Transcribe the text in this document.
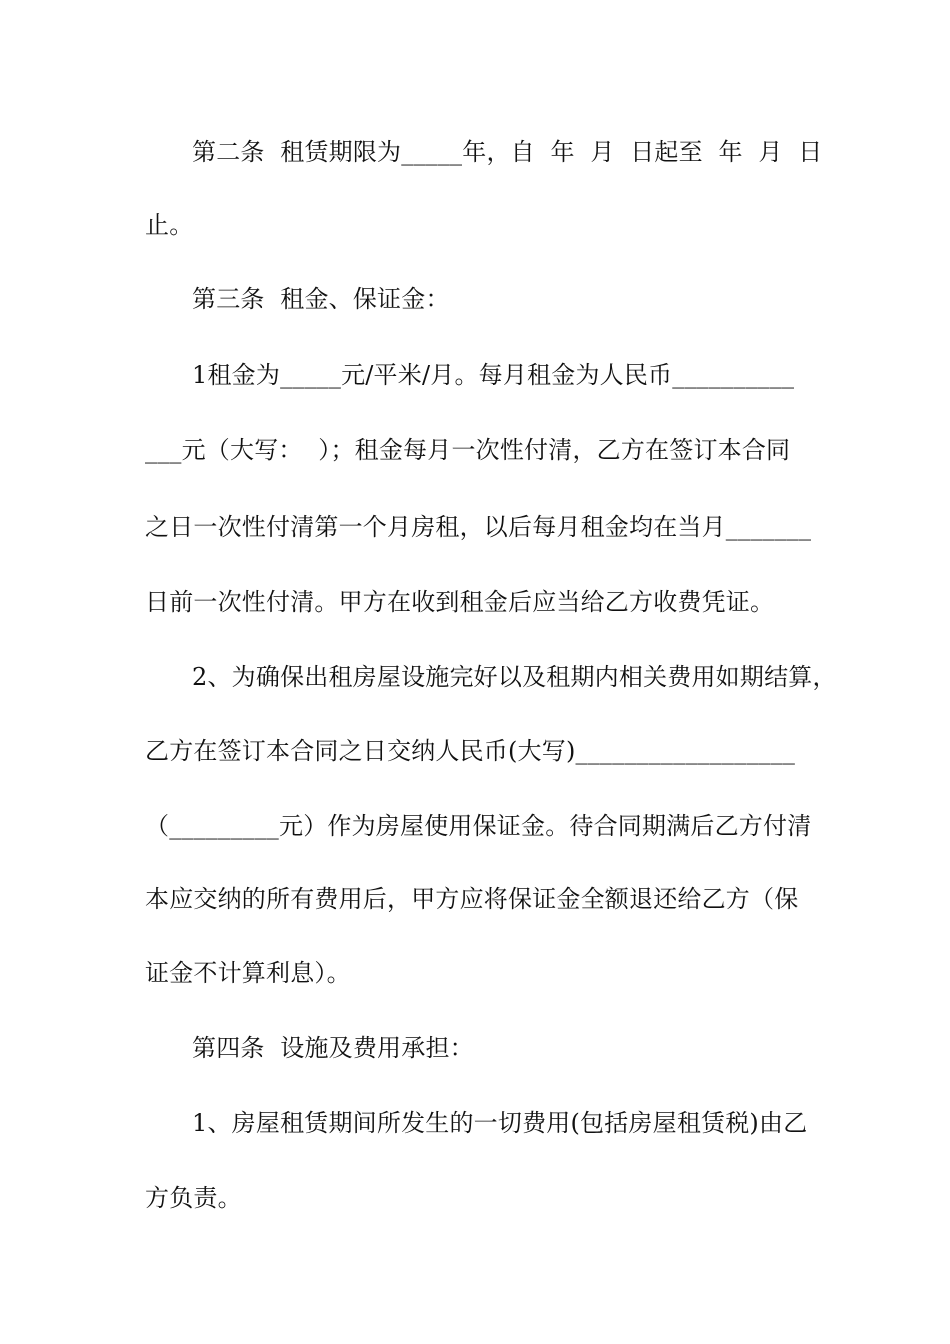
第二条  租赁期限为_____年，自  年  月  日起至  年  月  日
止。
第三条  租金、保证金：
1租金为_____元/平米/月。每月租金为人民币__________
___元（大写：  ）；租金每月一次性付清，乙方在签订本合同
之日一次性付清第一个月房租，以后每月租金均在当月_______
日前一次性付清。甲方在收到租金后应当给乙方收费凭证。
2、为确保出租房屋设施完好以及租期内相关费用如期结算，
乙方在签订本合同之日交纳人民币(大写)__________________
（_________元）作为房屋使用保证金。待合同期满后乙方付清
本应交纳的所有费用后，甲方应将保证金全额退还给乙方（保
证金不计算利息）。
第四条  设施及费用承担：
1、房屋租赁期间所发生的一切费用(包括房屋租赁税)由乙
方负责。
